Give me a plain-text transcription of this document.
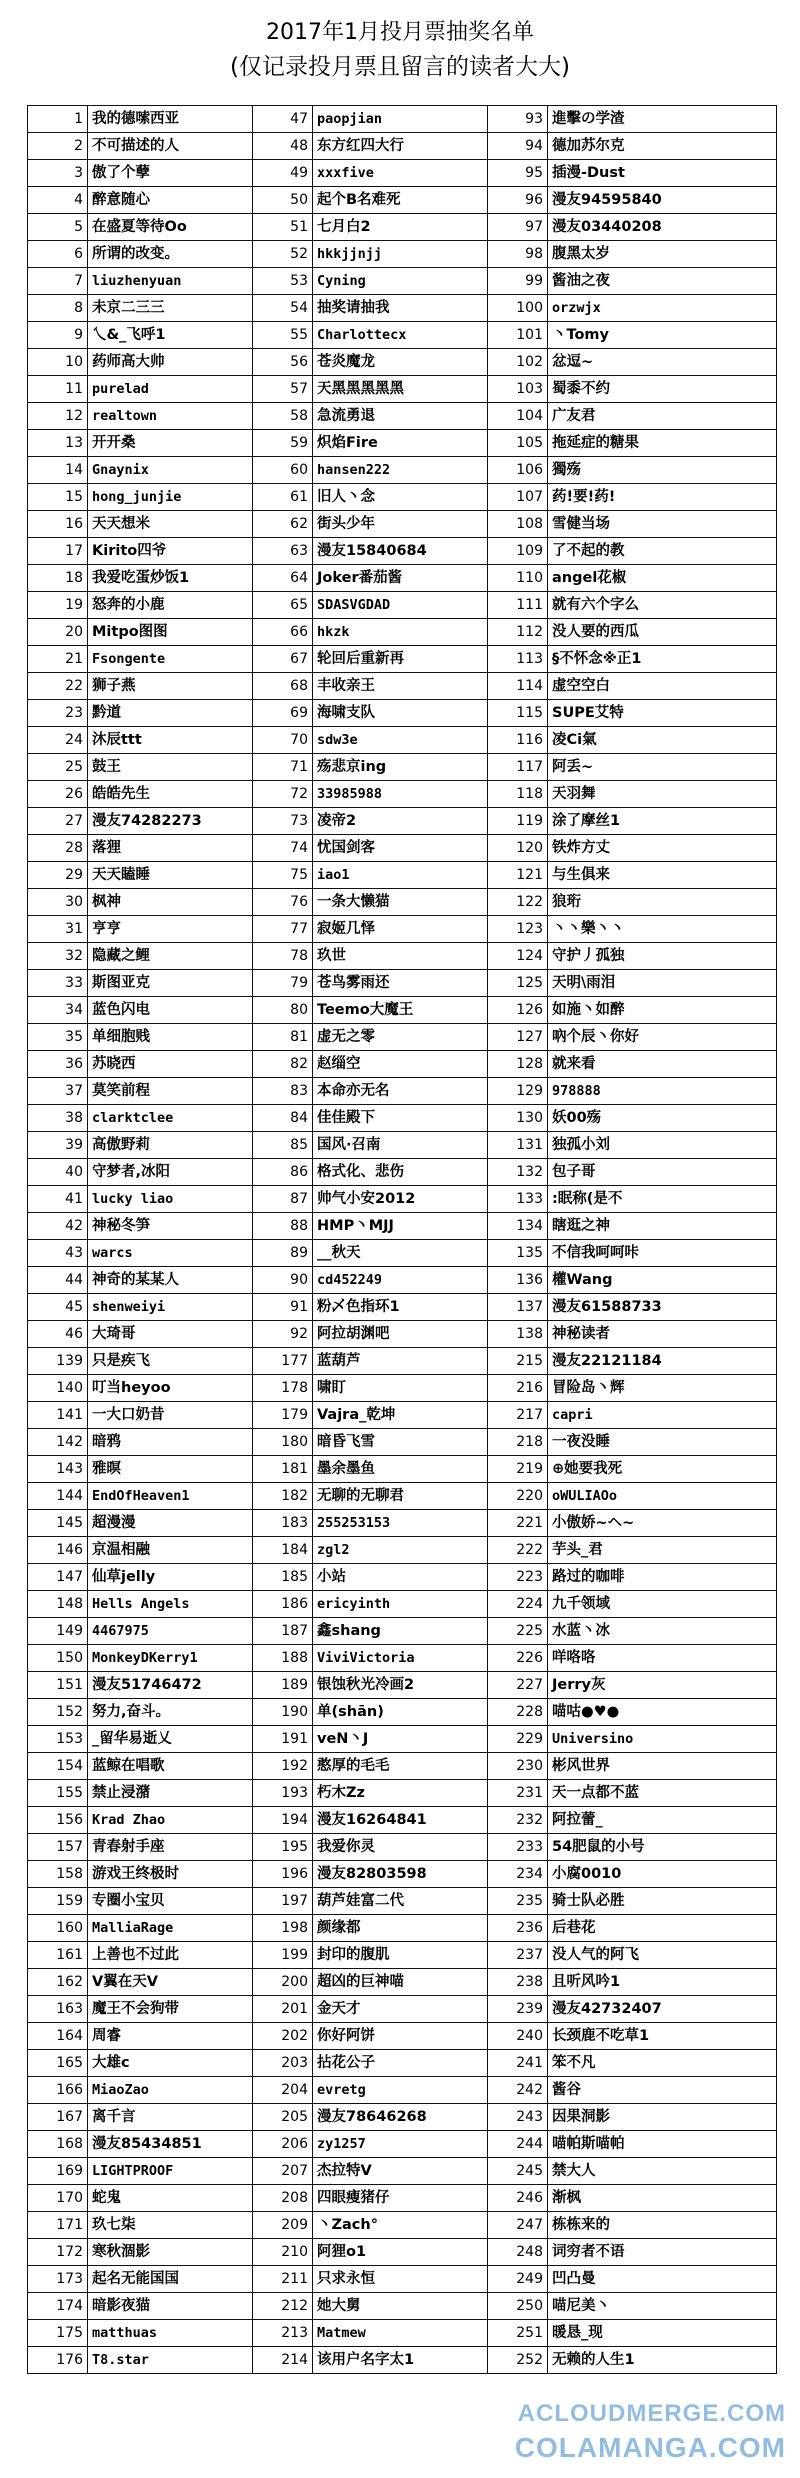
2017年1月投月票抽奖名单
(仅记录投月票且留言的读者大大)
1	我的德嗦西亚	47	paopjian	93	進擊の学渣
2	不可描述的人	48	东方红四大行	94	德加苏尔克
3	傲了个孽	49	xxxfive	95	插漫-Dust
4	醉意随心	50	起个B名难死	96	漫友94595840
5	在盛夏等待Oo	51	七月白2	97	漫友03440208
6	所谓的改变。	52	hkkjjnjj	98	腹黑太岁
7	liuzhenyuan	53	Cyning	99	酱油之夜
8	未京二三三	54	抽奖请抽我	100	orzwjx
9	乀&_飞呼1	55	Charlottecx	101	丶Tomy
10	药师高大帅	56	苍炎魔龙	102	忿逗~
11	purelad	57	天黑黑黑黑黑	103	蜀黍不约
12	realtown	58	急流勇退	104	广友君
13	开开桑	59	炽焰Fire	105	拖延症的糖果
14	Gnaynix	60	hansen222	106	獨殇
15	hong_junjie	61	旧人丶念	107	药!要!药!
16	天天想米	62	街头少年	108	雪健当场
17	Kirito四爷	63	漫友15840684	109	了不起的教
18	我爱吃蛋炒饭1	64	Joker番茄酱	110	angel花椒
19	怒奔的小鹿	65	SDASVGDAD	111	就有六个字么
20	Mitpo图图	66	hkzk	112	没人要的西瓜
21	Fsongente	67	轮回后重新再	113	§不怀念※正1
22	狮子燕	68	丰收亲王	114	虚空空白
23	黔道	69	海啸支队	115	SUPE艾特
24	沐辰ttt	70	sdw3e	116	凌Ci氣
25	鼓王	71	殇悲京ing	117	阿丢~
26	皓皓先生	72	33985988	118	天羽舞
27	漫友74282273	73	凌帝2	119	涂了摩丝1
28	落狸	74	忧国剑客	120	铁炸方丈
29	天天瞌睡	75	iao1	121	与生俱来
30	枫神	76	一条大懒猫	122	狼珩
31	亨亨	77	寂姬几怿	123	丶丶樂丶丶
32	隐藏之鲤	78	玖世	124	守护丿孤独
33	斯图亚克	79	苍鸟雾雨还	125	天明\雨泪
34	蓝色闪电	80	Teemo大魔王	126	如施丶如醉
35	单细胞贱	81	虚无之零	127	吶个辰丶你好
36	苏晓西	82	赵缁空	128	就来看
37	莫笑前程	83	本命亦无名	129	978888
38	clarktclee	84	佳佳殿下	130	妖00殇
39	高傲野莉	85	国风·召南	131	独孤小刘
40	守梦者,冰阳	86	格式化、悲伤	132	包子哥
41	lucky liao	87	帅气小安2012	133	:眠称(是不
42	神秘冬笋	88	HMP丶MJJ	134	瞎逛之神
43	warcs	89	__秋天	135	不信我呵呵咔
44	神奇的某某人	90	cd452249	136	權Wang
45	shenweiyi	91	粉乄色指环1	137	漫友61588733
46	大琦哥	92	阿拉胡渊吧	138	神秘读者
139	只是疾飞	177	蓝葫芦	215	漫友22121184
140	叮当heyoo	178	啸盯	216	冒险岛丶辉
141	一大口奶昔	179	Vajra_乾坤	217	capri
142	暗鸦	180	暗昏飞雪	218	一夜没睡
143	雅暝	181	墨余墨鱼	219	⊕她要我死
144	EndOfHeaven1	182	无聊的无聊君	220	oWULIAOo
145	超漫漫	183	255253153	221	小傲娇~ヘ~
146	京温相融	184	zgl2	222	芋头_君
147	仙草jelly	185	小站	223	路过的咖啡
148	Hells Angels	186	ericyinth	224	九千领域
149	4467975	187	鑫shang	225	水蓝丶冰
150	MonkeyDKerry1	188	ViviVictoria	226	咩咯咯
151	漫友51746472	189	银蚀秋光冷画2	227	Jerry灰
152	努力,奋斗。	190	单(shān)	228	喵咕●♥●
153	_留华易逝乂	191	veN丶J	229	Universino
154	蓝鲸在唱歌	192	憨厚的毛毛	230	彬风世界
155	禁止浸潴	193	朽木Zz	231	天一点都不蓝
156	Krad Zhao	194	漫友16264841	232	阿拉蕾_
157	青春射手座	195	我爱你灵	233	54肥鼠的小号
158	游戏王终极时	196	漫友82803598	234	小腐0010
159	专圈小宝贝	197	葫芦娃富二代	235	骑士队必胜
160	MalliaRage	198	颜缘都	236	后巷花
161	上善也不过此	199	封印的腹肌	237	没人气的阿飞
162	V翼在天V	200	超凶的巨神喵	238	且听风吟1
163	魔王不会狗带	201	金天才	239	漫友42732407
164	周睿	202	你好阿饼	240	长颈鹿不吃草1
165	大雄c	203	拈花公子	241	笨不凡
166	MiaoZao	204	evretg	242	酱谷
167	离千言	205	漫友78646268	243	因果洞影
168	漫友85434851	206	zy1257	244	喵帕斯喵帕
169	LIGHTPROOF	207	杰拉特V	245	禁大人
170	蛇鬼	208	四眼瘦猪仔	246	渐枫
171	玖七柒	209	丶Zach°	247	栋栋来的
172	寒秋涸影	210	阿狸o1	248	词穷者不语
173	起名无能国国	211	只求永恒	249	凹凸曼
174	暗影夜猫	212	她大舅	250	喵尼美丶
175	matthuas	213	Matmew	251	暖恳_现
176	T8.star	214	该用户名字太1	252	无赖的人生1
ACLOUDMERGE.COM
COLAMANGA.COM
